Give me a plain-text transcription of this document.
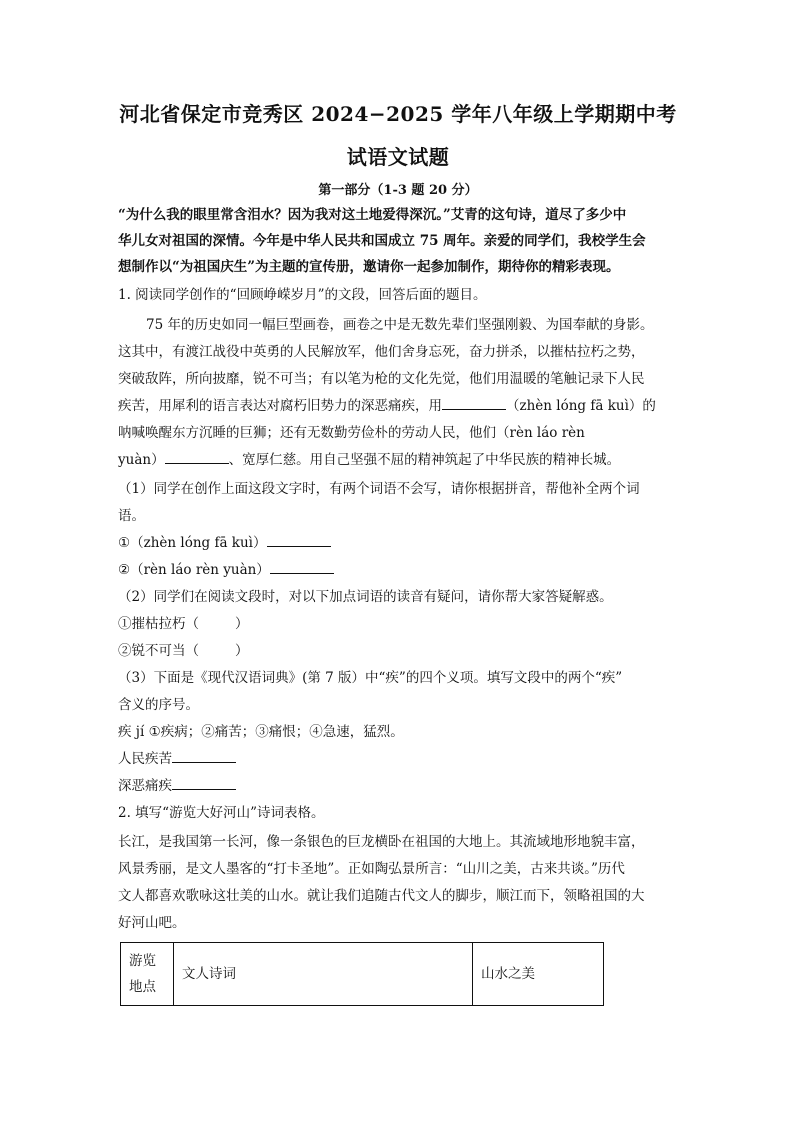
河北省保定市竞秀区 2024−2025 学年八年级上学期期中考
试语文试题
第一部分（1-3 题 20 分）
“为什么我的眼里常含泪水？因为我对这土地爱得深沉。”艾青的这句诗，道尽了多少中
华儿女对祖国的深情。今年是中华人民共和国成立 75 周年。亲爱的同学们，我校学生会
想制作以“为祖国庆生”为主题的宣传册，邀请你一起参加制作，期待你的精彩表现。
1. 阅读同学创作的“回顾峥嵘岁月”的文段，回答后面的题目。
75 年的历史如同一幅巨型画卷，画卷之中是无数先辈们坚强刚毅、为国奉献的身影。
这其中，有渡江战役中英勇的人民解放军，他们舍身忘死，奋力拼杀，以摧枯拉朽之势，
突破敌阵，所向披靡，锐不可当；有以笔为枪的文化先觉，他们用温暖的笔触记录下人民
疾苦，用犀利的语言表达对腐朽旧势力的深恶痛疾，用	（zhèn lóng fā kuì）的
呐喊唤醒东方沉睡的巨狮；还有无数勤劳俭朴的劳动人民，他们（rèn láo rèn
yuàn）	、宽厚仁慈。用自己坚强不屈的精神筑起了中华民族的精神长城。
（1）同学在创作上面这段文字时，有两个词语不会写，请你根据拼音，帮他补全两个词
语。
①（zhèn lóng fā kuì）
②（rèn láo rèn yuàn）
（2）同学们在阅读文段时，对以下加点词语的读音有疑问，请你帮大家答疑解惑。
①摧枯拉朽（	）
②锐不可当（	）
（3）下面是《现代汉语词典》(第 7 版）中“疾”的四个义项。填写文段中的两个“疾”
含义的序号。
疾 jí ①疾病；②痛苦；③痛恨；④急速，猛烈。
人民疾苦
深恶痛疾
2. 填写“游览大好河山”诗词表格。
长江，是我国第一长河，像一条银色的巨龙横卧在祖国的大地上。其流域地形地貌丰富，
风景秀丽，是文人墨客的“打卡圣地”。正如陶弘景所言：“山川之美，古来共谈。”历代
文人都喜欢歌咏这壮美的山水。就让我们追随古代文人的脚步，顺江而下，领略祖国的大
好河山吧。
游览
地点
	文人诗词	山水之美
